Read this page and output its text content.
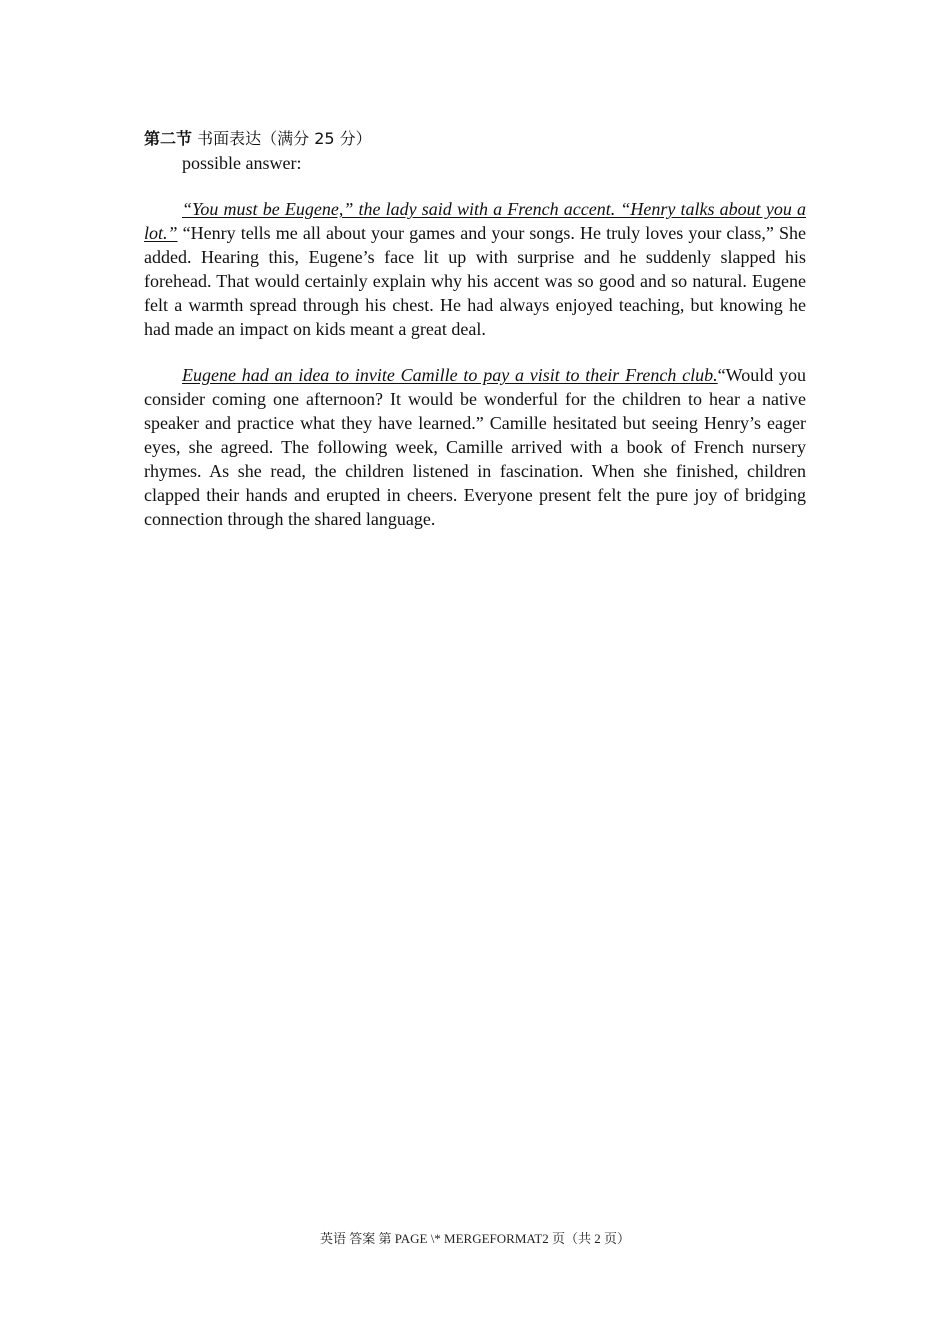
第二节 书面表达（满分 25 分）

possible answer:

“You must be Eugene,” the lady said with a French accent. “Henry talks about you a lot.” “Henry tells me all about your games and your songs. He truly loves your class,” She added. Hearing this, Eugene’s face lit up with surprise and he suddenly slapped his forehead. That would certainly explain why his accent was so good and so natural. Eugene felt a warmth spread through his chest. He had always enjoyed teaching, but knowing he had made an impact on kids meant a great deal.

Eugene had an idea to invite Camille to pay a visit to their French club.“Would you consider coming one afternoon? It would be wonderful for the children to hear a native speaker and practice what they have learned.” Camille hesitated but seeing Henry’s eager eyes, she agreed. The following week, Camille arrived with a book of French nursery rhymes. As she read, the children listened in fascination. When she finished, children clapped their hands and erupted in cheers. Everyone present felt the pure joy of bridging connection through the shared language.

英语 答案 第 PAGE \* MERGEFORMAT2 页（共 2 页）
